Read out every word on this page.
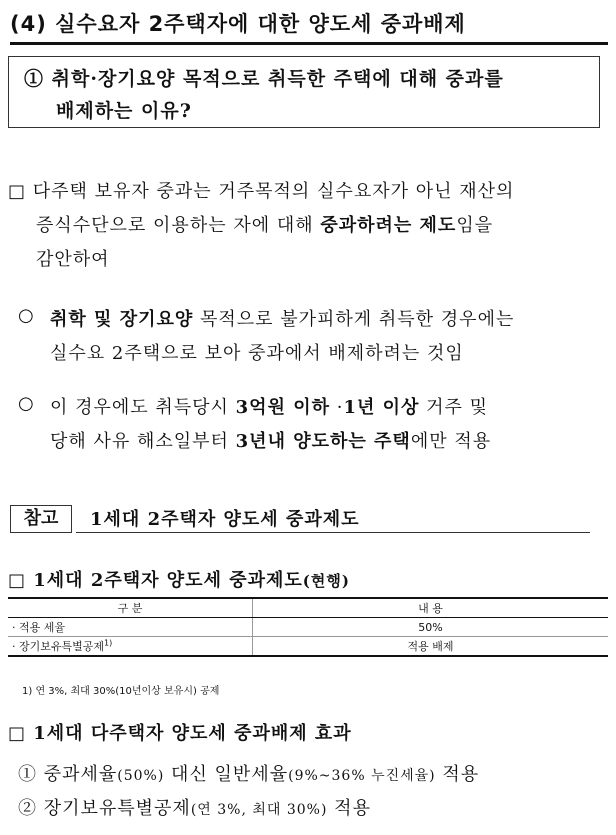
(4) 실수요자 2주택자에 대한 양도세 중과배제
① 취학·장기요양 목적으로 취득한 주택에 대해 중과를
배제하는 이유?
□ 다주택 보유자 중과는 거주목적의 실수요자가 아닌 재산의
증식수단으로 이용하는 자에 대해 중과하려는 제도임을
감안하여
○ 취학 및 장기요양 목적으로 불가피하게 취득한 경우에는
실수요 2주택으로 보아 중과에서 배제하려는 것임
○ 이 경우에도 취득당시 3억원 이하 ·1년 이상 거주 및
당해 사유 해소일부터 3년내 양도하는 주택에만 적용
참고	1세대 2주택자 양도세 중과제도
□ 1세대 2주택자 양도세 중과제도(현행)
구 분	내 용
· 적용 세율	50%
· 장기보유특별공제$^{1)}$	적용 배제
1) 연 3%, 최대 30%(10년이상 보유시) 공제
□ 1세대 다주택자 양도세 중과배제 효과
① 중과세율(50%) 대신 일반세율(9%~36% 누진세율) 적용
② 장기보유특별공제(연 3%, 최대 30%) 적용
